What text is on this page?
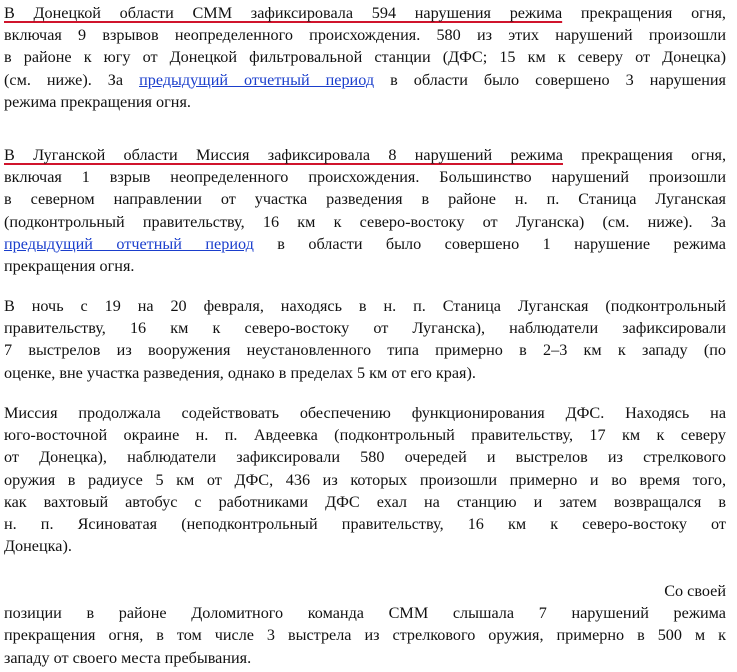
В Донецкой области СММ зафиксировала 594 нарушения режима прекращения огня,
включая 9 взрывов неопределенного происхождения. 580 из этих нарушений произошли
в районе к югу от Донецкой фильтровальной станции (ДФС; 15 км к северу от Донецка)
(см. ниже). За предыдущий отчетный период в области было совершено 3 нарушения
режима прекращения огня.

В Луганской области Миссия зафиксировала 8 нарушений режима прекращения огня,
включая 1 взрыв неопределенного происхождения. Большинство нарушений произошли
в северном направлении от участка разведения в районе н. п. Станица Луганская
(подконтрольный правительству, 16 км к северо-востоку от Луганска) (см. ниже). За
предыдущий отчетный период в области было совершено 1 нарушение режима
прекращения огня.

В ночь с 19 на 20 февраля, находясь в н. п. Станица Луганская (подконтрольный
правительству, 16 км к северо-востоку от Луганска), наблюдатели зафиксировали
7 выстрелов из вооружения неустановленного типа примерно в 2–3 км к западу (по
оценке, вне участка разведения, однако в пределах 5 км от его края).

Миссия продолжала содействовать обеспечению функционирования ДФС. Находясь на
юго-восточной окраине н. п. Авдеевка (подконтрольный правительству, 17 км к северу
от Донецка), наблюдатели зафиксировали 580 очередей и выстрелов из стрелкового
оружия в радиусе 5 км от ДФС, 436 из которых произошли примерно и во время того,
как вахтовый автобус с работниками ДФС ехал на станцию и затем возвращался в
н. п. Ясиноватая (неподконтрольный правительству, 16 км к северо-востоку от
Донецка).

Со своей
позиции в районе Доломитного команда СММ слышала 7 нарушений режима
прекращения огня, в том числе 3 выстрела из стрелкового оружия, примерно в 500 м к
западу от своего места пребывания.
